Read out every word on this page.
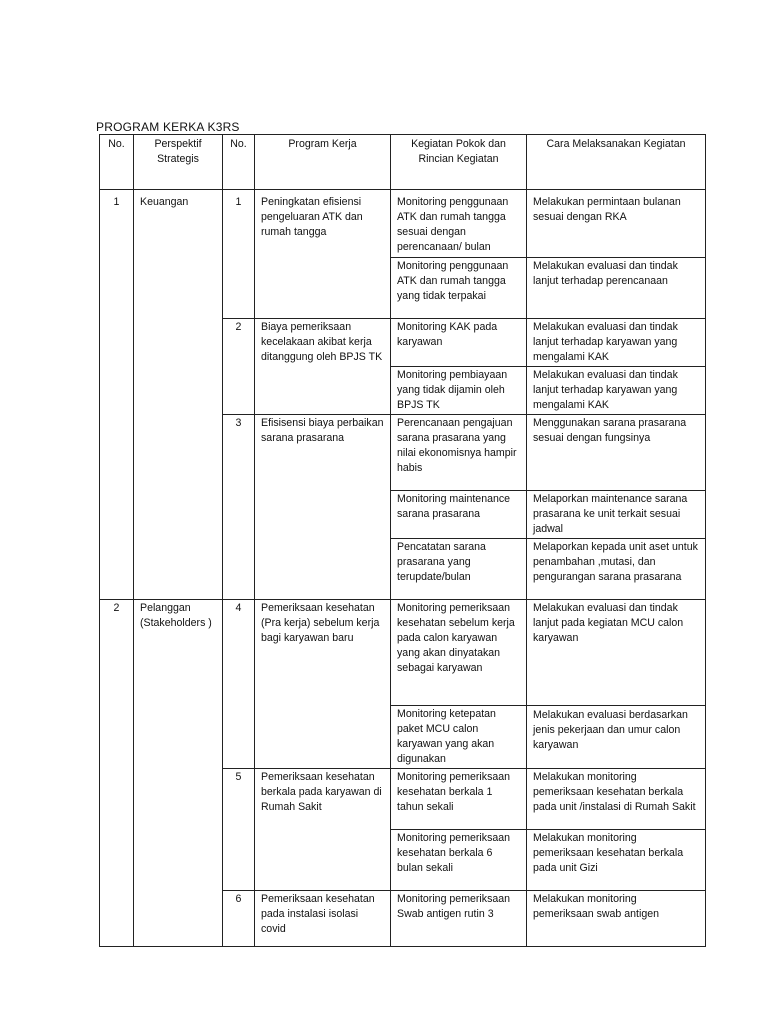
PROGRAM KERKA K3RS
No.	Perspektif Strategis	No.	Program Kerja	Kegiatan Pokok dan Rincian Kegiatan	Cara Melaksanakan Kegiatan
1	Keuangan	1	Peningkatan efisiensi pengeluaran ATK dan rumah tangga	Monitoring penggunaan ATK dan rumah tangga sesuai dengan perencanaan/ bulan	Melakukan permintaan bulanan sesuai dengan RKA
				Monitoring penggunaan ATK dan rumah tangga yang tidak terpakai	Melakukan evaluasi dan tindak lanjut terhadap perencanaan
		2	Biaya pemeriksaan kecelakaan akibat kerja ditanggung oleh BPJS TK	Monitoring KAK pada karyawan	Melakukan evaluasi dan tindak lanjut terhadap karyawan yang mengalami KAK
				Monitoring pembiayaan yang tidak dijamin oleh BPJS TK	Melakukan evaluasi dan tindak lanjut terhadap karyawan yang mengalami KAK
		3	Efisisensi biaya perbaikan sarana prasarana	Perencanaan pengajuan sarana prasarana yang nilai ekonomisnya hampir habis	Menggunakan sarana prasarana sesuai dengan fungsinya
				Monitoring maintenance sarana prasarana	Melaporkan maintenance sarana prasarana ke unit terkait sesuai jadwal
				Pencatatan sarana prasarana yang terupdate/bulan	Melaporkan kepada unit aset untuk penambahan ,mutasi, dan pengurangan sarana prasarana
2	Pelanggan (Stakeholders )	4	Pemeriksaan kesehatan (Pra kerja) sebelum kerja bagi karyawan baru	Monitoring pemeriksaan kesehatan sebelum kerja pada calon karyawan yang akan dinyatakan sebagai karyawan	Melakukan evaluasi dan tindak lanjut pada kegiatan MCU calon karyawan
				Monitoring ketepatan paket MCU calon karyawan yang akan digunakan	Melakukan evaluasi berdasarkan jenis pekerjaan dan umur calon karyawan
		5	Pemeriksaan kesehatan berkala pada karyawan di Rumah Sakit	Monitoring pemeriksaan kesehatan berkala 1 tahun sekali	Melakukan monitoring pemeriksaan kesehatan berkala pada unit /instalasi di Rumah Sakit
				Monitoring pemeriksaan kesehatan berkala 6 bulan sekali	Melakukan monitoring pemeriksaan kesehatan berkala pada unit Gizi
		6	Pemeriksaan kesehatan pada instalasi isolasi covid	Monitoring pemeriksaan Swab antigen rutin 3	Melakukan monitoring pemeriksaan swab antigen
